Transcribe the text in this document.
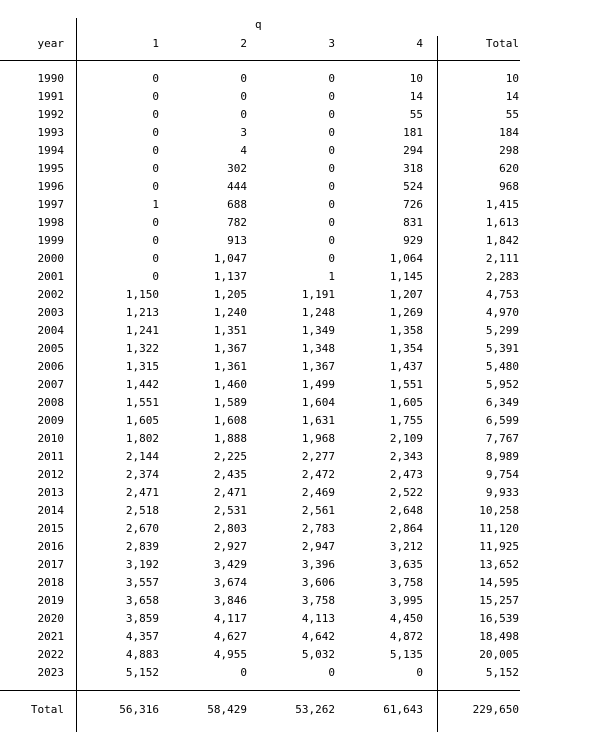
q
year	1	2	3	4	Total
1990	0	0	0	10	10
1991	0	0	0	14	14
1992	0	0	0	55	55
1993	0	3	0	181	184
1994	0	4	0	294	298
1995	0	302	0	318	620
1996	0	444	0	524	968
1997	1	688	0	726	1,415
1998	0	782	0	831	1,613
1999	0	913	0	929	1,842
2000	0	1,047	0	1,064	2,111
2001	0	1,137	1	1,145	2,283
2002	1,150	1,205	1,191	1,207	4,753
2003	1,213	1,240	1,248	1,269	4,970
2004	1,241	1,351	1,349	1,358	5,299
2005	1,322	1,367	1,348	1,354	5,391
2006	1,315	1,361	1,367	1,437	5,480
2007	1,442	1,460	1,499	1,551	5,952
2008	1,551	1,589	1,604	1,605	6,349
2009	1,605	1,608	1,631	1,755	6,599
2010	1,802	1,888	1,968	2,109	7,767
2011	2,144	2,225	2,277	2,343	8,989
2012	2,374	2,435	2,472	2,473	9,754
2013	2,471	2,471	2,469	2,522	9,933
2014	2,518	2,531	2,561	2,648	10,258
2015	2,670	2,803	2,783	2,864	11,120
2016	2,839	2,927	2,947	3,212	11,925
2017	3,192	3,429	3,396	3,635	13,652
2018	3,557	3,674	3,606	3,758	14,595
2019	3,658	3,846	3,758	3,995	15,257
2020	3,859	4,117	4,113	4,450	16,539
2021	4,357	4,627	4,642	4,872	18,498
2022	4,883	4,955	5,032	5,135	20,005
2023	5,152	0	0	0	5,152
Total	56,316	58,429	53,262	61,643	229,650
